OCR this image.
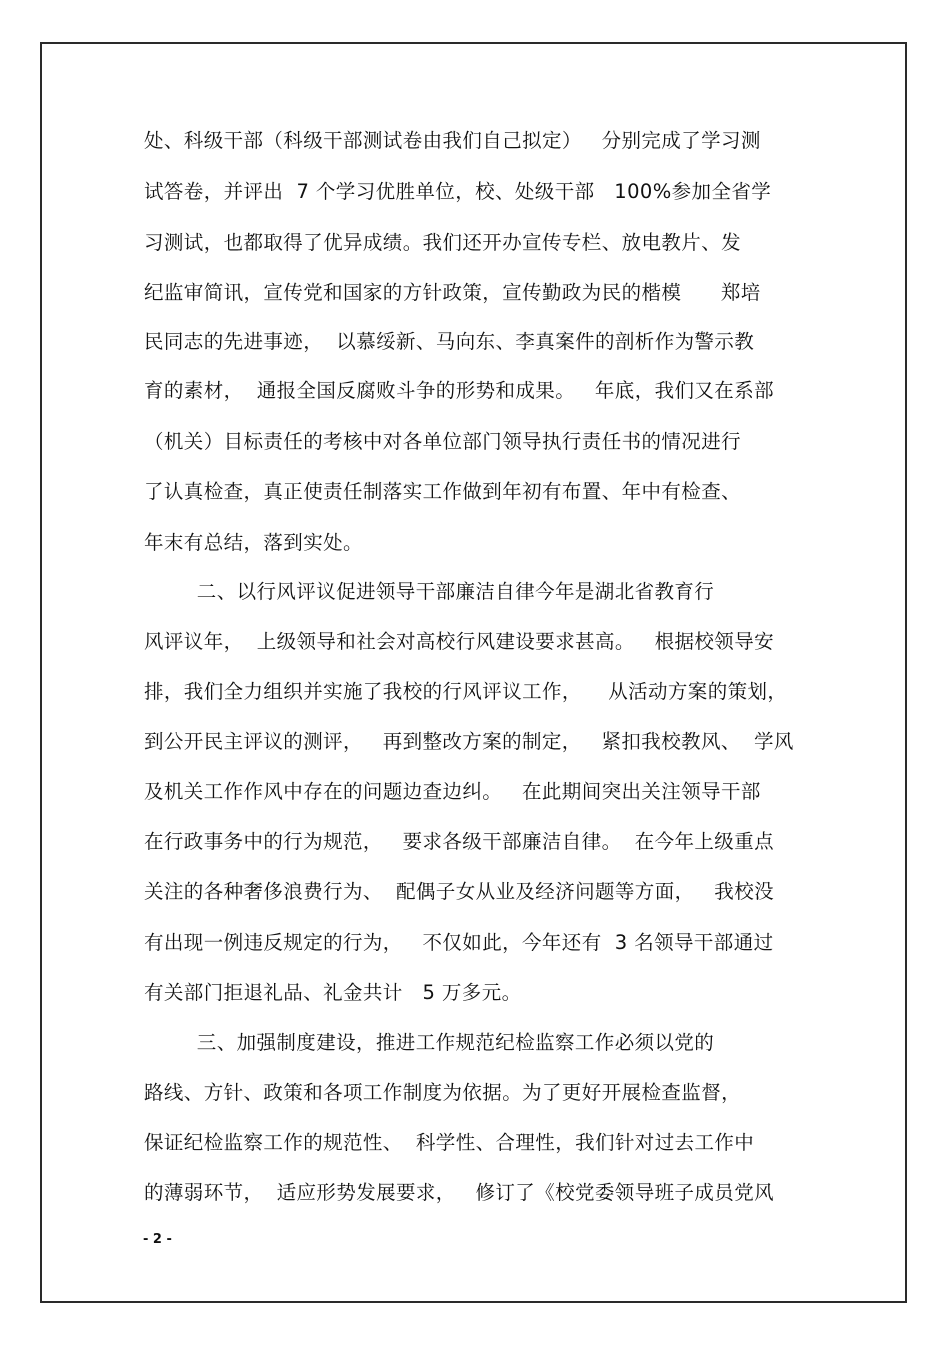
处、科级干部（科级干部测试卷由我们自己拟定）   分别完成了学习测
试答卷，并评出  7 个学习优胜单位，校、处级干部   100%参加全省学
习测试，也都取得了优异成绩。我们还开办宣传专栏、放电教片、发
纪监审简讯，宣传党和国家的方针政策，宣传勤政为民的楷模      郑培
民同志的先进事迹，  以慕绥新、马向东、李真案件的剖析作为警示教
育的素材，  通报全国反腐败斗争的形势和成果。   年底，我们又在系部
（机关）目标责任的考核中对各单位部门领导执行责任书的情况进行
了认真检查，真正使责任制落实工作做到年初有布置、年中有检查、
年末有总结，落到实处。
二、以行风评议促进领导干部廉洁自律今年是湖北省教育行
风评议年，  上级领导和社会对高校行风建设要求甚高。   根据校领导安
排，我们全力组织并实施了我校的行风评议工作，    从活动方案的策划，
到公开民主评议的测评，   再到整改方案的制定，   紧扣我校教风、  学风
及机关工作作风中存在的问题边查边纠。   在此期间突出关注领导干部
在行政事务中的行为规范，   要求各级干部廉洁自律。  在今年上级重点
关注的各种奢侈浪费行为、  配偶子女从业及经济问题等方面，   我校没
有出现一例违反规定的行为，   不仅如此，今年还有  3 名领导干部通过
有关部门拒退礼品、礼金共计   5 万多元。
三、加强制度建设，推进工作规范纪检监察工作必须以党的
路线、方针、政策和各项工作制度为依据。为了更好开展检查监督，
保证纪检监察工作的规范性、  科学性、合理性，我们针对过去工作中
的薄弱环节，  适应形势发展要求，   修订了《校党委领导班子成员党风
- 2 -
